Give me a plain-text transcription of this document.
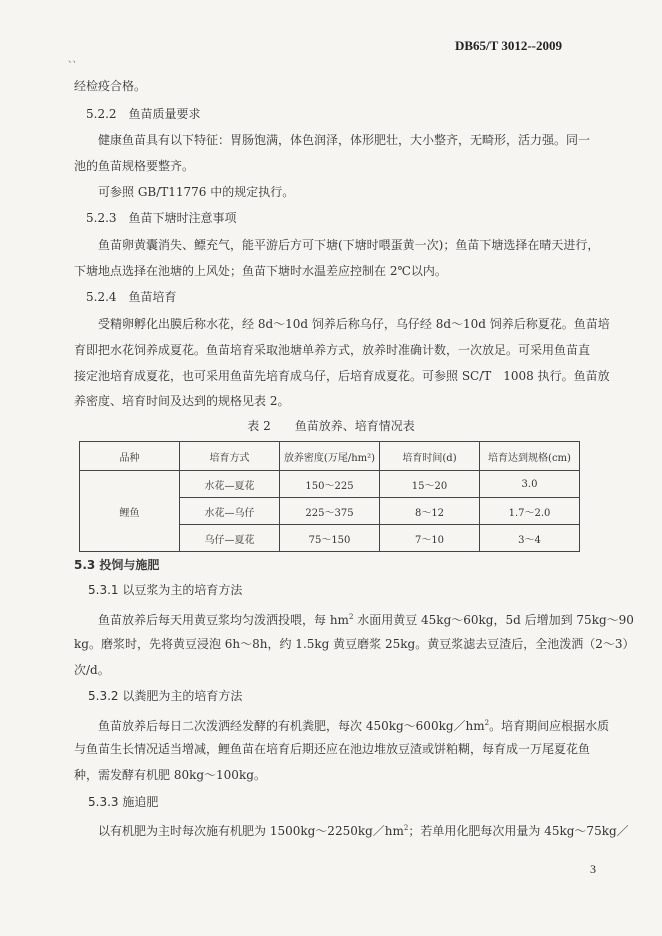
、、
DB65/T 3012--2009
经检疫合格。
5.2.2　鱼苗质量要求
健康鱼苗具有以下特征：胃肠饱满，体色润泽，体形肥壮，大小整齐，无畸形，活力强。同一
池的鱼苗规格要整齐。
可参照 GB/T11776 中的规定执行。
5.2.3　鱼苗下塘时注意事项
鱼苗卵黄囊消失、鳔充气，能平游后方可下塘(下塘时喂蛋黄一次)；鱼苗下塘选择在晴天进行，
下塘地点选择在池塘的上风处；鱼苗下塘时水温差应控制在 2℃以内。
5.2.4　鱼苗培育
受精卵孵化出膜后称水花，经 8d～10d 饲养后称乌仔，乌仔经 8d～10d 饲养后称夏花。鱼苗培
育即把水花饲养成夏花。鱼苗培育采取池塘单养方式，放养时准确计数，一次放足。可采用鱼苗直
接定池培育成夏花，也可采用鱼苗先培育成乌仔，后培育成夏花。可参照 SC/T　1008 执行。鱼苗放
养密度、培育时间及达到的规格见表 2。
表 2　　鱼苗放养、培育情况表
品种	培育方式	放养密度(万尾/hm²)	培育时间(d)	培育达到规格(cm)
鲤鱼	水花—夏花	150～225	15～20	3.0
	水花—乌仔	225～375	8～12	1.7～2.0
	乌仔—夏花	75～150	7～10	3～4
5.3 投饲与施肥
5.3.1 以豆浆为主的培育方法
鱼苗放养后每天用黄豆浆均匀泼洒投喂，每 $hm^2$ 水面用黄豆 45kg～60kg，5d 后增加到 75kg～90
kg。磨浆时，先将黄豆浸泡 6h～8h，约 1.5kg 黄豆磨浆 25kg。黄豆浆滤去豆渣后，全池泼洒（2～3）
次/d。
5.3.2 以粪肥为主的培育方法
鱼苗放养后每日二次泼洒经发酵的有机粪肥，每次 $450kg\sim 600kg/hm^2$。培育期间应根据水质
与鱼苗生长情况适当增减，鲤鱼苗在培育后期还应在池边堆放豆渣或饼粕糊，每育成一万尾夏花鱼
种，需发酵有机肥 80kg～100kg。
5.3.3 施追肥
以有机肥为主时每次施有机肥为 $1500kg\sim 2250kg/hm^2$；若单用化肥每次用量为 45kg～75kg／
3
